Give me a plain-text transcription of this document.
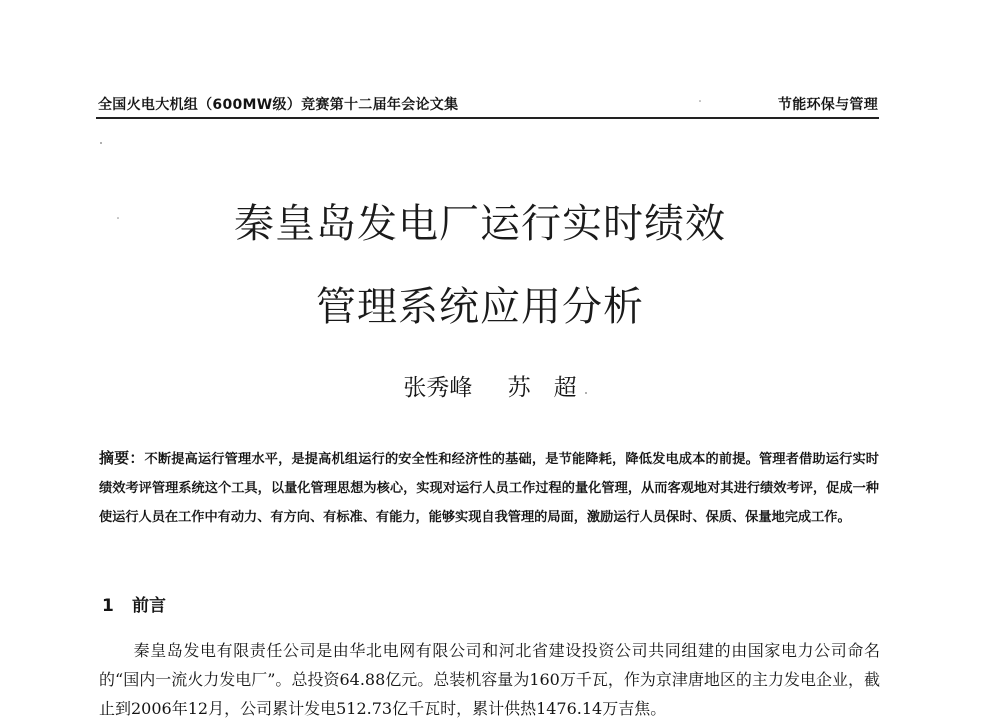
全国火电大机组（600MW级）竞赛第十二届年会论文集	节能环保与管理
秦皇岛发电厂运行实时绩效
管理系统应用分析
张秀峰 苏　超
摘要：不断提高运行管理水平，是提高机组运行的安全性和经济性的基础，是节能降耗，降低发电成本的前提。管理者借助运行实时绩效考评管理系统这个工具，以量化管理思想为核心，实现对运行人员工作过程的量化管理，从而客观地对其进行绩效考评，促成一种使运行人员在工作中有动力、有方向、有标准、有能力，能够实现自我管理的局面，激励运行人员保时、保质、保量地完成工作。
1 前言
秦皇岛发电有限责任公司是由华北电网有限公司和河北省建设投资公司共同组建的由国家电力公司命名的“国内一流火力发电厂”。总投资64.88亿元。总装机容量为160万千瓦，作为京津唐地区的主力发电企业，截止到2006年12月，公司累计发电512.73亿千瓦时，累计供热1476.14万吉焦。
